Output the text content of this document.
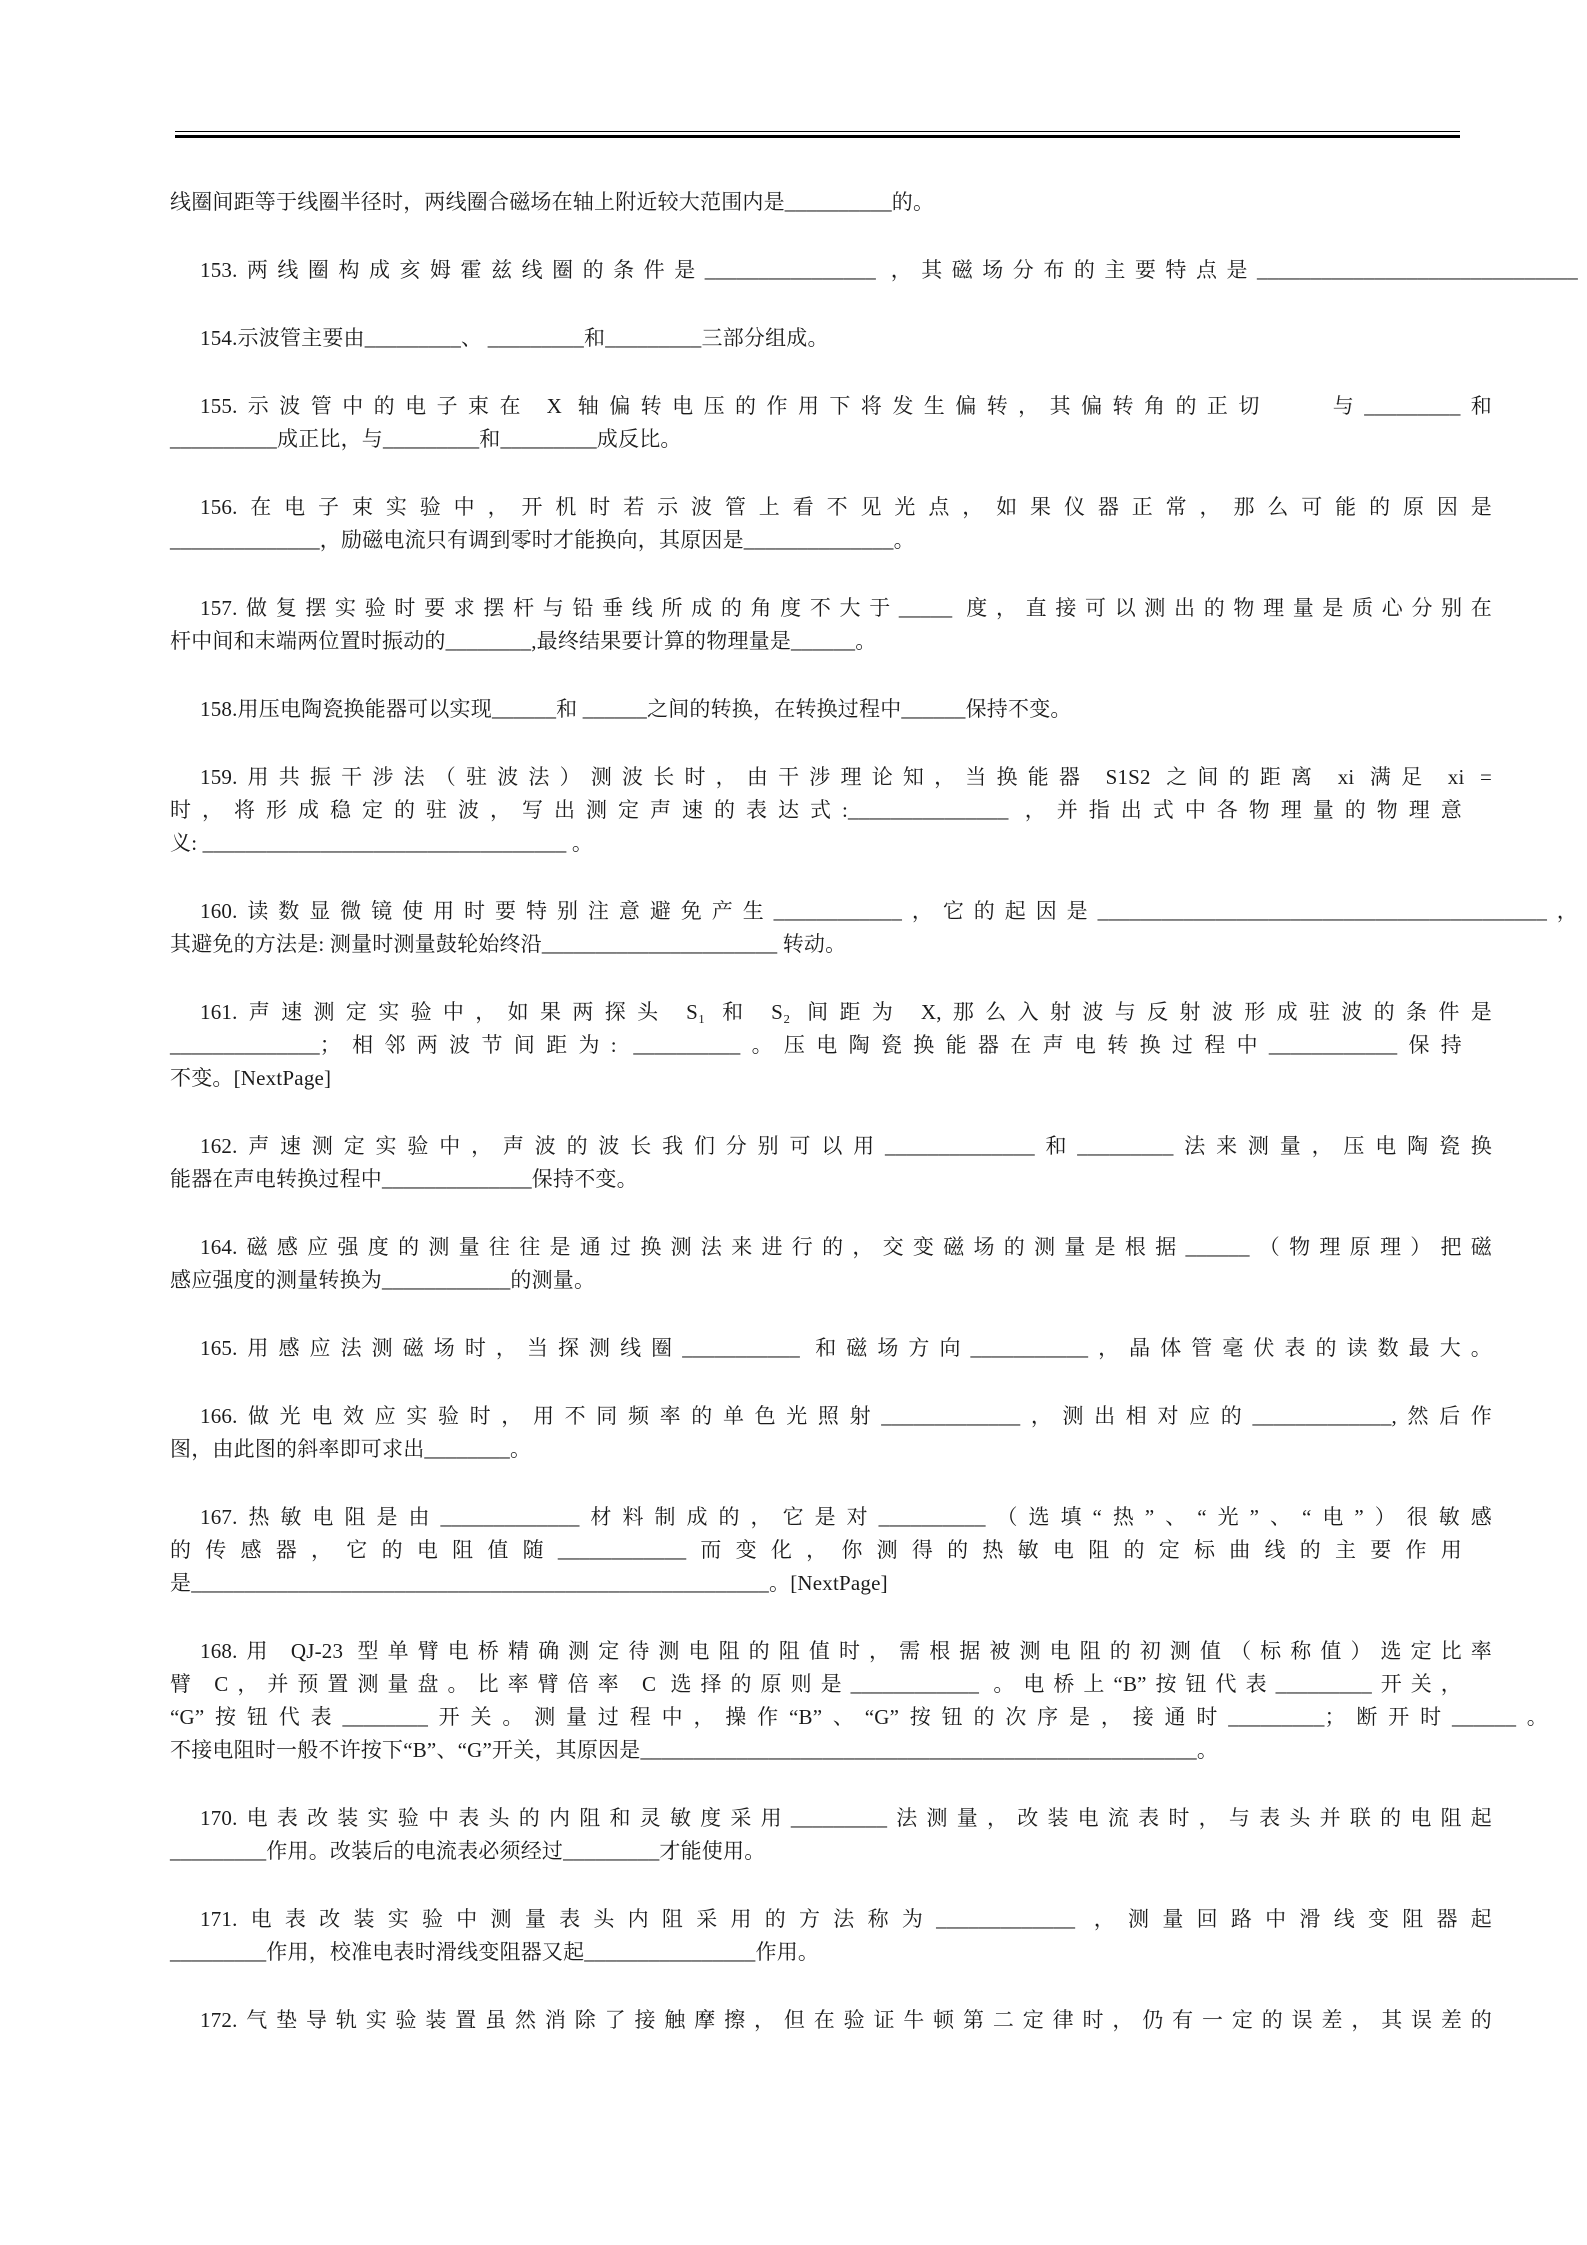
线圈间距等于线圈半径时，两线圈合磁场在轴上附近较大范围内是__________的。
153.两线圈构成亥姆霍兹线圈的条件是________________ ，其磁场分布的主要特点是______________________________
154.示波管主要由_________、 _________和_________三部分组成。
155.示波管中的电子束在 X 轴偏转电压的作用下将发生偏转，其偏转角的正切　　与_________和
__________成正比，与_________和_________成反比。
156.在电子束实验中，开机时若示波管上看不见光点，如果仪器正常，那么可能的原因是
______________，励磁电流只有调到零时才能换向，其原因是______________。
157.做复摆实验时要求摆杆与铅垂线所成的角度不大于_____ 度，直接可以测出的物理量是质心分别在
杆中间和末端两位置时振动的________,最终结果要计算的物理量是______。
158.用压电陶瓷换能器可以实现______和 ______之间的转换，在转换过程中______保持不变。
159.用共振干涉法（驻波法）测波长时，由干涉理论知，当换能器 S1S2 之间的距离 xi 满足 xi =
时，将形成稳定的驻波，写出测定声速的表达式:_______________ ，并指出式中各物理量的物理意
义: __________________________________ 。
160.读数显微镜使用时要特别注意避免产生____________，它的起因是__________________________________________，
其避免的方法是: 测量时测量鼓轮始终沿______________________ 转动。
161.声速测定实验中，如果两探头 S₁ 和 S₂ 间距为 X,那么入射波与反射波形成驻波的条件是
______________；相邻两波节间距为: __________。压电陶瓷换能器在声电转换过程中____________保持
不变。[NextPage]
162.声速测定实验中，声波的波长我们分别可以用______________和_________法来测量，压电陶瓷换
能器在声电转换过程中______________保持不变。
164.磁感应强度的测量往往是通过换测法来进行的，交变磁场的测量是根据______（物理原理）把磁
感应强度的测量转换为____________的测量。
165.用感应法测磁场时，当探测线圈___________ 和磁场方向___________，晶体管毫伏表的读数最大。
166.做光电效应实验时，用不同频率的单色光照射_____________，测出相对应的_____________,然后作
图，由此图的斜率即可求出________。
167.热敏电阻是由_____________材料制成的，它是对__________（选填“热”、“光”、“电”）很敏感
的传感器，它的电阻值随____________而变化，你测得的热敏电阻的定标曲线的主要作用
是______________________________________________________。[NextPage]
168.用 QJ-23 型单臂电桥精确测定待测电阻的阻值时，需根据被测电阻的初测值（标称值）选定比率
臂 C，并预置测量盘。比率臂倍率 C 选择的原则是____________ 。电桥上“B”按钮代表_________开关，
“G”按钮代表________开关。测量过程中，操作“B”、“G”按钮的次序是，接通时_________；断开时______。
不接电阻时一般不许按下“B”、“G”开关，其原因是____________________________________________________。
170.电表改装实验中表头的内阻和灵敏度采用_________法测量，改装电流表时，与表头并联的电阻起
_________作用。改装后的电流表必须经过_________才能使用。
171.电表改装实验中测量表头内阻采用的方法称为_____________ ，测量回路中滑线变阻器起
_________作用，校准电表时滑线变阻器又起________________作用。
172.气垫导轨实验装置虽然消除了接触摩擦，但在验证牛顿第二定律时，仍有一定的误差，其误差的
